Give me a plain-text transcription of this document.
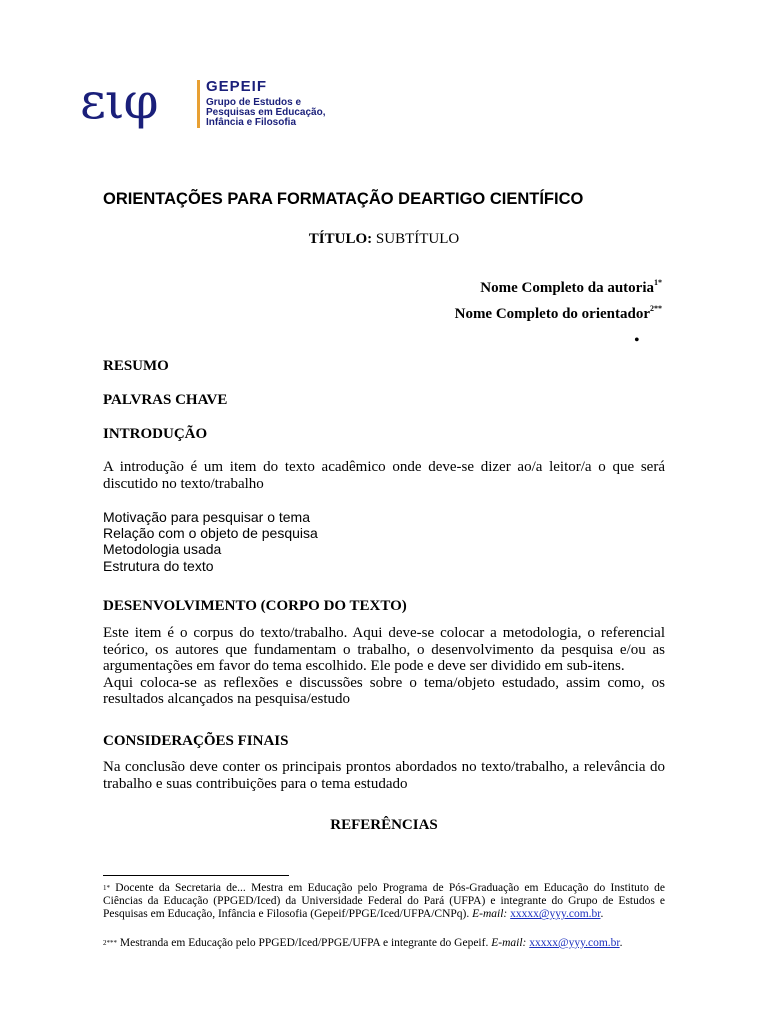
ειφ	GEPEIF
Grupo de Estudos e
Pesquisas em Educação,
Infância e Filosofia
ORIENTAÇÕES PARA FORMATAÇÃO DEARTIGO CIENTÍFICO
TÍTULO: SUBTÍTULO
Nome Completo da autoria$^{1*}$
Nome Completo do orientador$^{2**}$
•
RESUMO
PALVRAS CHAVE
INTRODUÇÃO
A introdução é um item do texto acadêmico onde deve-se dizer ao/a leitor/a o que será discutido no texto/trabalho
Motivação para pesquisar o tema
Relação com o objeto de pesquisa
Metodologia usada
Estrutura do texto
DESENVOLVIMENTO (CORPO DO TEXTO)
Este item é o corpus do texto/trabalho. Aqui deve-se colocar a metodologia, o referencial teórico, os autores que fundamentam o trabalho, o desenvolvimento da pesquisa e/ou as argumentações em favor do tema escolhido. Ele pode e deve ser dividido em sub-itens.
Aqui coloca-se as reflexões e discussões sobre o tema/objeto estudado, assim como, os resultados alcançados na pesquisa/estudo
CONSIDERAÇÕES FINAIS
Na conclusão deve conter os principais prontos abordados no texto/trabalho, a relevância do trabalho e suas contribuições para o tema estudado
REFERÊNCIAS
$^{1*}$ Docente da Secretaria de... Mestra em Educação pelo Programa de Pós-Graduação em Educação do Instituto de Ciências da Educação (PPGED/Iced) da Universidade Federal do Pará (UFPA) e integrante do Grupo de Estudos e Pesquisas em Educação, Infância e Filosofia (Gepeif/PPGE/Iced/UFPA/CNPq). E-mail: xxxxx@yyy.com.br.
$^{2***}$ Mestranda em Educação pelo PPGED/Iced/PPGE/UFPA e integrante do Gepeif. E-mail: xxxxx@yyy.com.br.
